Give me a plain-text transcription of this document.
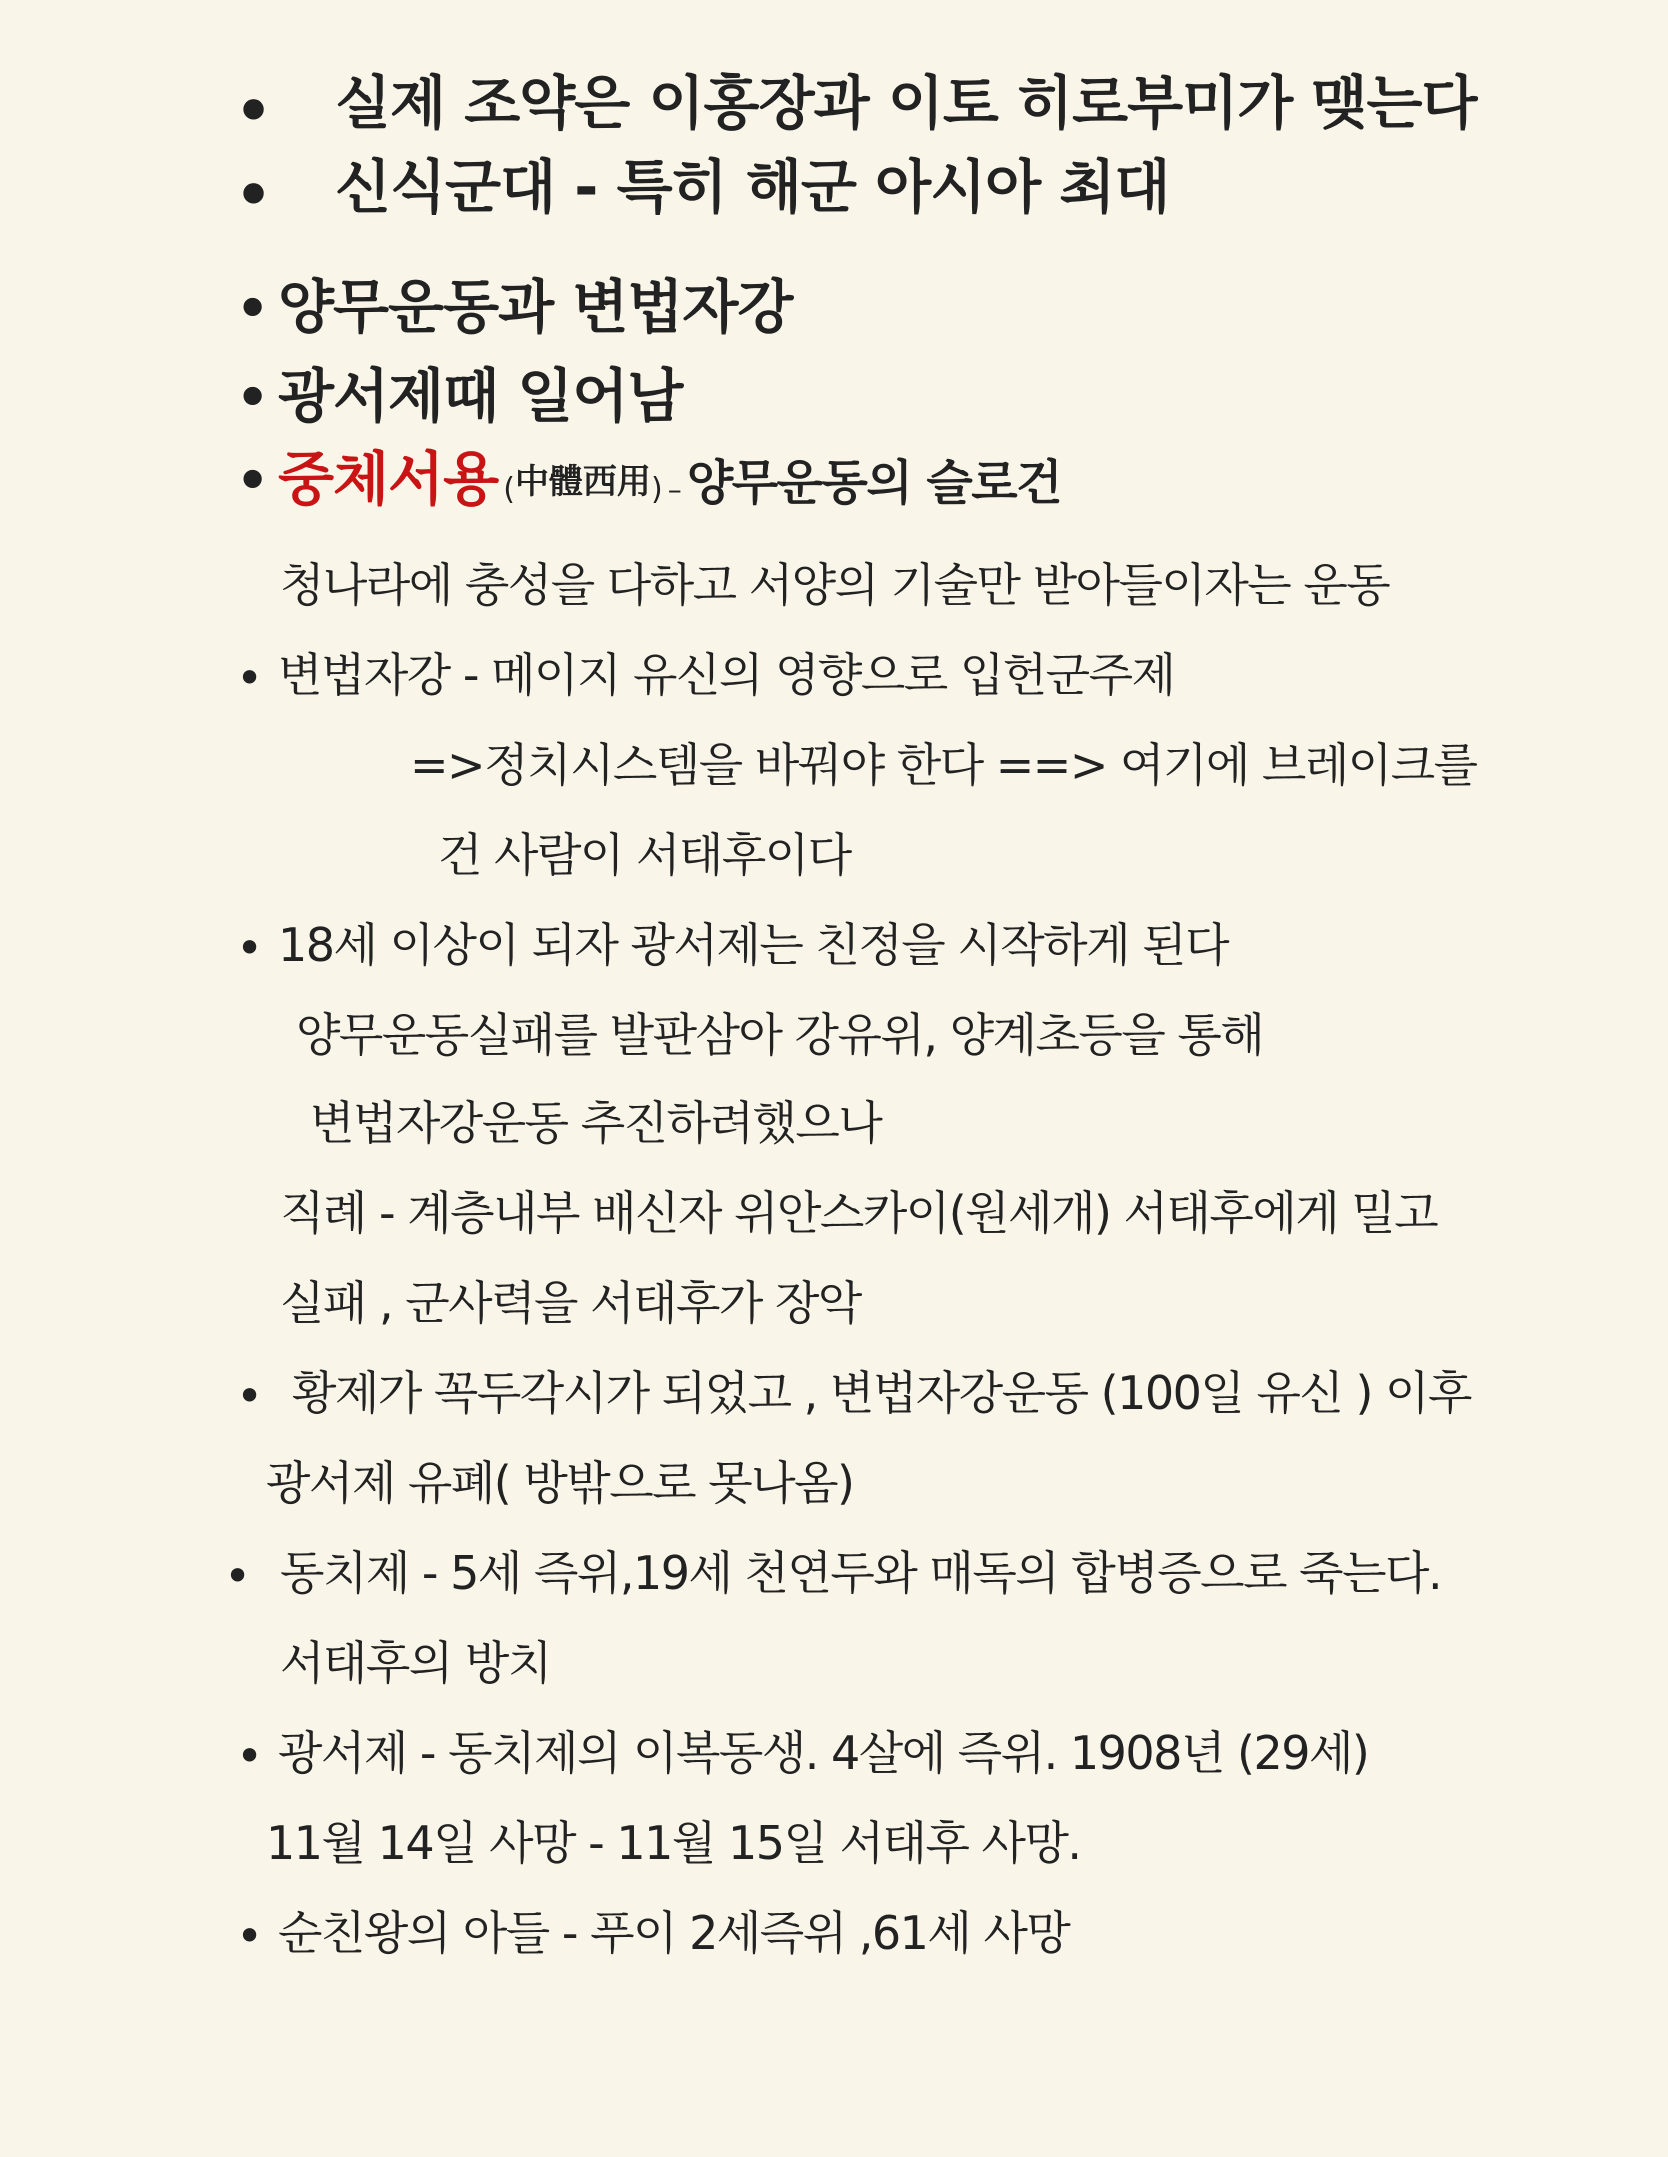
• 실제 조약은 이홍장과 이토 히로부미가 맺는다
• 신식군대 - 특히 해군 아시아 최대
• 양무운동과 변법자강
• 광서제때 일어남
• 중체서용 (中體西用) – 양무운동의 슬로건
청나라에 충성을 다하고 서양의 기술만 받아들이자는 운동
• 변법자강 - 메이지 유신의 영향으로 입헌군주제
=>정치시스템을 바꿔야 한다 ==> 여기에 브레이크를
건 사람이 서태후이다
• 18세 이상이 되자 광서제는 친정을 시작하게 된다
양무운동실패를 발판삼아 강유위, 양계초등을 통해
변법자강운동 추진하려했으나
직례 - 계층내부 배신자 위안스카이(원세개) 서태후에게 밀고
실패 , 군사력을 서태후가 장악
• 황제가 꼭두각시가 되었고 , 변법자강운동 (100일 유신 ) 이후
광서제 유폐( 방밖으로 못나옴)
• 동치제 - 5세 즉위,19세 천연두와 매독의 합병증으로 죽는다.
서태후의 방치
• 광서제 - 동치제의 이복동생. 4살에 즉위. 1908년 (29세)
11월 14일 사망 - 11월 15일 서태후 사망.
• 순친왕의 아들 - 푸이 2세즉위 ,61세 사망
